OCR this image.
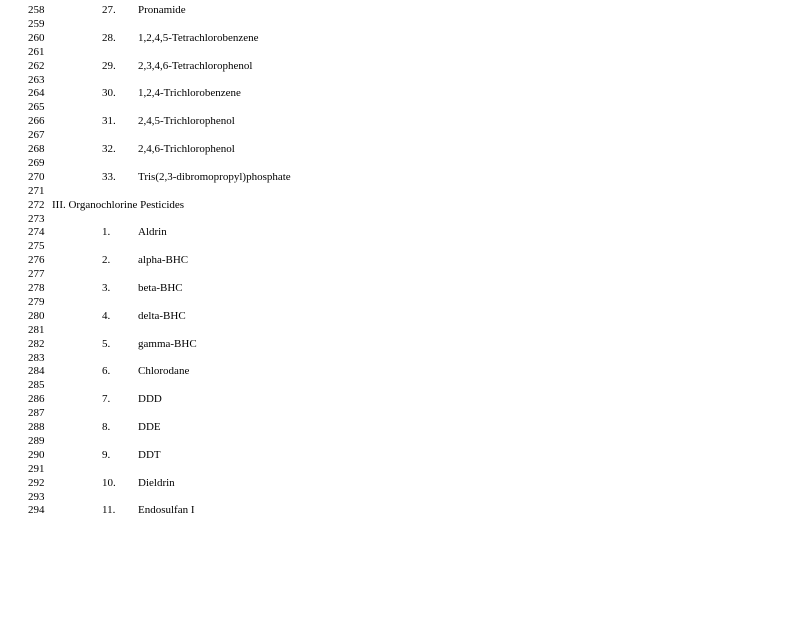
258	27. Pronamide
259
260	28. 1,2,4,5-Tetrachlorobenzene
261
262	29. 2,3,4,6-Tetrachlorophenol
263
264	30. 1,2,4-Trichlorobenzene
265
266	31. 2,4,5-Trichlorophenol
267
268	32. 2,4,6-Trichlorophenol
269
270	33. Tris(2,3-dibromopropyl)phosphate
271
272 III. Organochlorine Pesticides
273
274	1.	Aldrin
275
276	2.	alpha-BHC
277
278	3.	beta-BHC
279
280	4.	delta-BHC
281
282	5.	gamma-BHC
283
284	6.	Chlorodane
285
286	7.	DDD
287
288	8.	DDE
289
290	9.	DDT
291
292	10. Dieldrin
293
294	11. Endosulfan I
